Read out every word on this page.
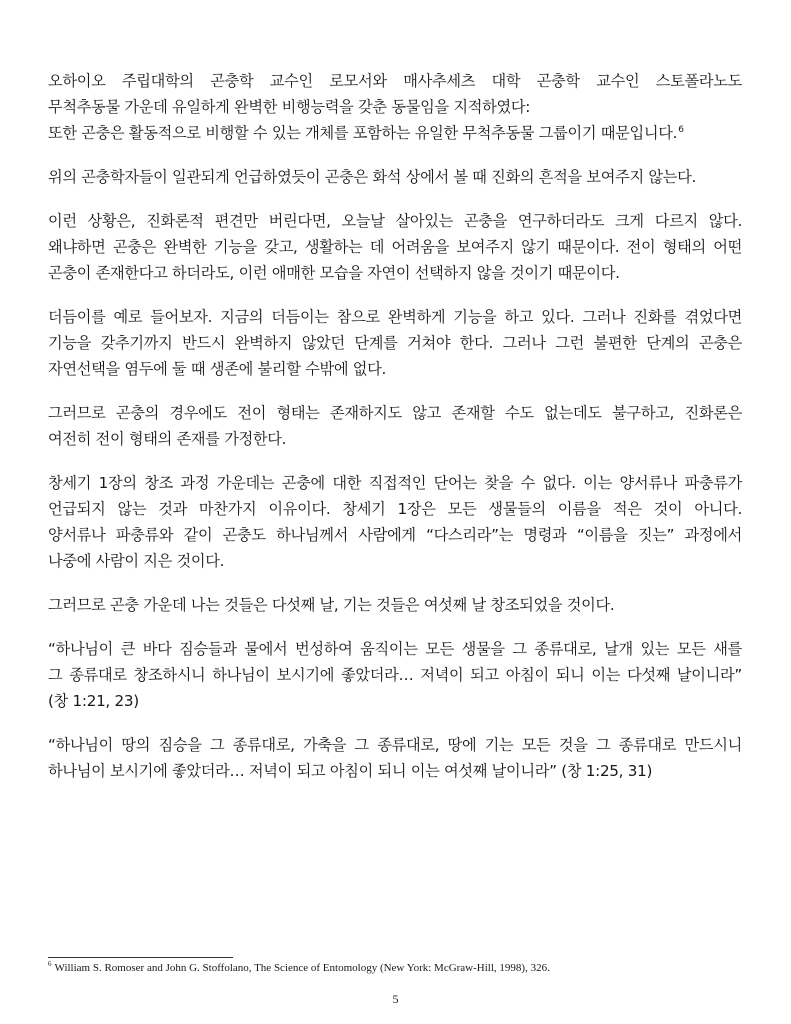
오하이오 주립대학의 곤충학 교수인 로모서와 매사추세츠 대학 곤충학 교수인 스토폴라노도
무척추동물 가운데 유일하게 완벽한 비행능력을 갖춘 동물임을 지적하였다:
또한 곤충은 활동적으로 비행할 수 있는 개체를 포함하는 유일한 무척추동물 그룹이기 때문입니다.$^6$

위의 곤충학자들이 일관되게 언급하였듯이 곤충은 화석 상에서 볼 때 진화의 흔적을 보여주지 않는다.

이런 상황은, 진화론적 편견만 버린다면, 오늘날 살아있는 곤충을 연구하더라도 크게 다르지 않다.
왜냐하면 곤충은 완벽한 기능을 갖고, 생활하는 데 어려움을 보여주지 않기 때문이다. 전이 형태의 어떤
곤충이 존재한다고 하더라도, 이런 애매한 모습을 자연이 선택하지 않을 것이기 때문이다.

더듬이를 예로 들어보자. 지금의 더듬이는 참으로 완벽하게 기능을 하고 있다. 그러나 진화를 겪었다면
기능을 갖추기까지 반드시 완벽하지 않았던 단계를 거쳐야 한다. 그러나 그런 불편한 단계의 곤충은
자연선택을 염두에 둘 때 생존에 불리할 수밖에 없다.

그러므로 곤충의 경우에도 전이 형태는 존재하지도 않고 존재할 수도 없는데도 불구하고, 진화론은
여전히 전이 형태의 존재를 가정한다.

창세기 1장의 창조 과정 가운데는 곤충에 대한 직접적인 단어는 찾을 수 없다. 이는 양서류나 파충류가
언급되지 않는 것과 마찬가지 이유이다. 창세기 1장은 모든 생물들의 이름을 적은 것이 아니다.
양서류나 파충류와 같이 곤충도 하나님께서 사람에게 “다스리라”는 명령과 “이름을 짓는” 과정에서
나중에 사람이 지은 것이다.

그러므로 곤충 가운데 나는 것들은 다섯째 날, 기는 것들은 여섯째 날 창조되었을 것이다.

“하나님이 큰 바다 짐승들과 물에서 번성하여 움직이는 모든 생물을 그 종류대로, 날개 있는 모든 새를
그 종류대로 창조하시니 하나님이 보시기에 좋았더라… 저녁이 되고 아침이 되니 이는 다섯째 날이니라”
(창 1:21, 23)

“하나님이 땅의 짐승을 그 종류대로, 가축을 그 종류대로, 땅에 기는 모든 것을 그 종류대로 만드시니
하나님이 보시기에 좋았더라… 저녁이 되고 아침이 되니 이는 여섯째 날이니라” (창 1:25, 31)

$^6$ William S. Romoser and John G. Stoffolano, The Science of Entomology (New York: McGraw-Hill, 1998), 326.
5
